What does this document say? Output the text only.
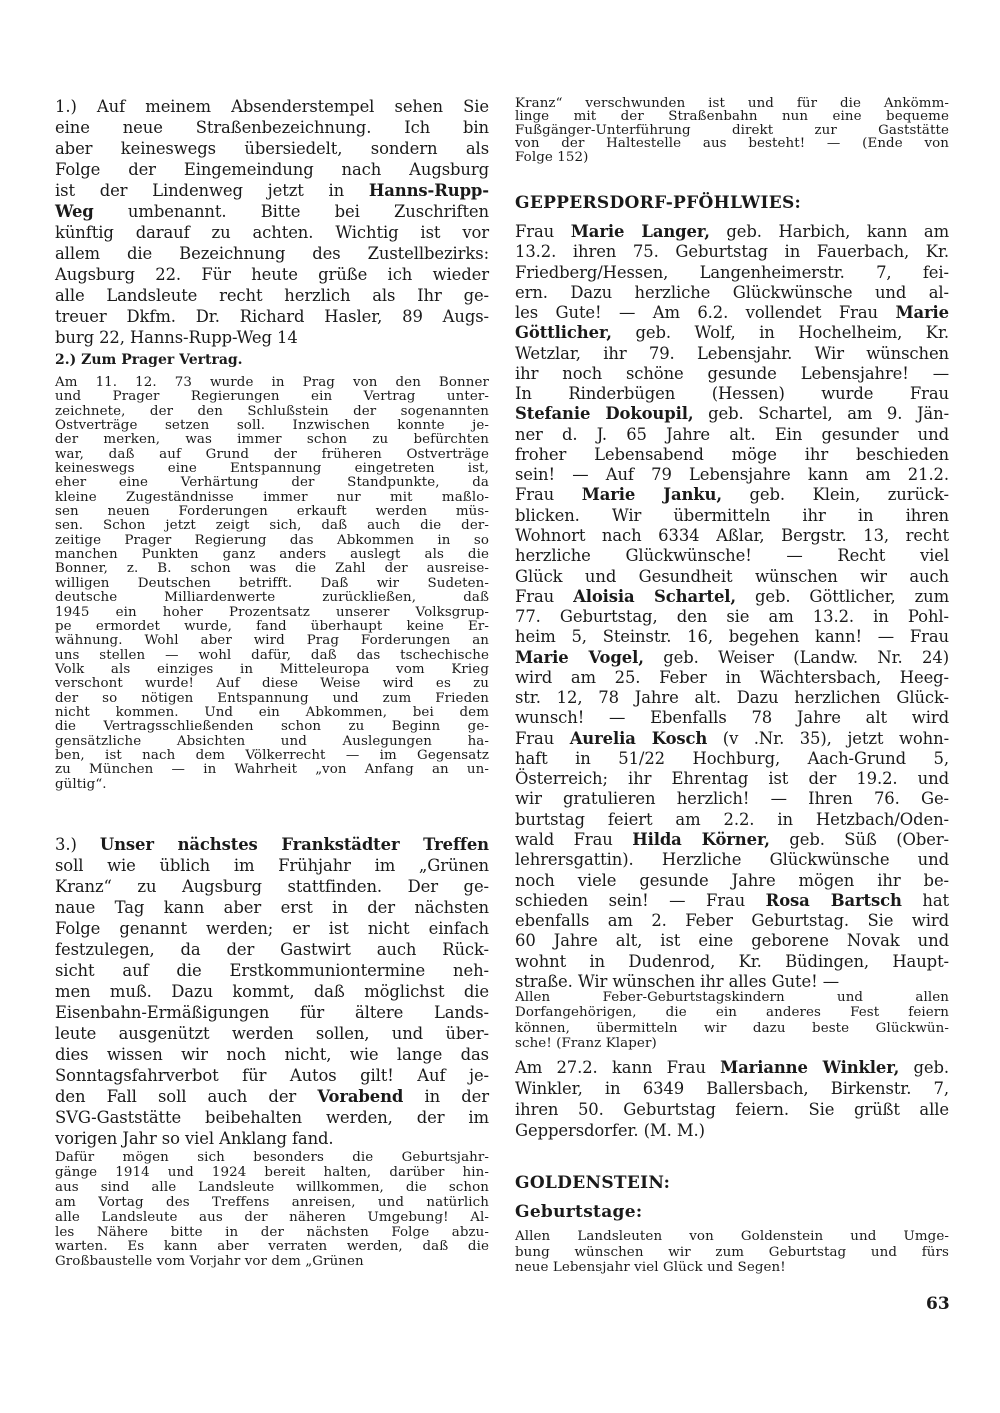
1.) Auf meinem Absenderstempel sehen Sie
eine neue Straßenbezeichnung. Ich bin
aber keineswegs übersiedelt, sondern als
Folge der Eingemeindung nach Augsburg
ist der Lindenweg jetzt in Hanns-Rupp-
Weg umbenannt. Bitte bei Zuschriften
künftig darauf zu achten. Wichtig ist vor
allem die Bezeichnung des Zustellbezirks:
Augsburg 22. Für heute grüße ich wieder
alle Landsleute recht herzlich als Ihr ge-
treuer Dkfm. Dr. Richard Hasler, 89 Augs-
burg 22, Hanns-Rupp-Weg 14
2.) Zum Prager Vertrag.
Am 11. 12. 73 wurde in Prag von den Bonner
und Prager Regierungen ein Vertrag unter-
zeichnete, der den Schlußstein der sogenannten
Ostverträge setzen soll. Inzwischen konnte je-
der merken, was immer schon zu befürchten
war, daß auf Grund der früheren Ostverträge
keineswegs eine Entspannung eingetreten ist,
eher eine Verhärtung der Standpunkte, da
kleine Zugeständnisse immer nur mit maßlo-
sen neuen Forderungen erkauft werden müs-
sen. Schon jetzt zeigt sich, daß auch die der-
zeitige Prager Regierung das Abkommen in so
manchen Punkten ganz anders auslegt als die
Bonner, z. B. schon was die Zahl der ausreise-
willigen Deutschen betrifft. Daß wir Sudeten-
deutsche Milliardenwerte zurückließen, daß
1945 ein hoher Prozentsatz unserer Volksgrup-
pe ermordet wurde, fand überhaupt keine Er-
wähnung. Wohl aber wird Prag Forderungen an
uns stellen — wohl dafür, daß das tschechische
Volk als einziges in Mitteleuropa vom Krieg
verschont wurde! Auf diese Weise wird es zu
der so nötigen Entspannung und zum Frieden
nicht kommen. Und ein Abkommen, bei dem
die Vertragsschließenden schon zu Beginn ge-
gensätzliche Absichten und Auslegungen ha-
ben, ist nach dem Völkerrecht — im Gegensatz
zu München — in Wahrheit „von Anfang an un-
gültig“.
3.) Unser nächstes Frankstädter Treffen
soll wie üblich im Frühjahr im „Grünen
Kranz“ zu Augsburg stattfinden. Der ge-
naue Tag kann aber erst in der nächsten
Folge genannt werden; er ist nicht einfach
festzulegen, da der Gastwirt auch Rück-
sicht auf die Erstkommuniontermine neh-
men muß. Dazu kommt, daß möglichst die
Eisenbahn-Ermäßigungen für ältere Lands-
leute ausgenützt werden sollen, und über-
dies wissen wir noch nicht, wie lange das
Sonntagsfahrverbot für Autos gilt! Auf je-
den Fall soll auch der Vorabend in der
SVG-Gaststätte beibehalten werden, der im
vorigen Jahr so viel Anklang fand.
Dafür mögen sich besonders die Geburtsjahr-
gänge 1914 und 1924 bereit halten, darüber hin-
aus sind alle Landsleute willkommen, die schon
am Vortag des Treffens anreisen, und natürlich
alle Landsleute aus der näheren Umgebung! Al-
les Nähere bitte in der nächsten Folge abzu-
warten. Es kann aber verraten werden, daß die
Großbaustelle vom Vorjahr vor dem „Grünen
Kranz“ verschwunden ist und für die Ankömm-
linge mit der Straßenbahn nun eine bequeme
Fußgänger-Unterführung direkt zur Gaststätte
von der Haltestelle aus besteht! — (Ende von
Folge 152)
GEPPERSDORF-PFÖHLWIES:
Frau Marie Langer, geb. Harbich, kann am
13.2. ihren 75. Geburtstag in Fauerbach, Kr.
Friedberg/Hessen, Langenheimerstr. 7, fei-
ern. Dazu herzliche Glückwünsche und al-
les Gute! — Am 6.2. vollendet Frau Marie
Göttlicher, geb. Wolf, in Hochelheim, Kr.
Wetzlar, ihr 79. Lebensjahr. Wir wünschen
ihr noch schöne gesunde Lebensjahre! —
In Rinderbügen (Hessen) wurde Frau
Stefanie Dokoupil, geb. Schartel, am 9. Jän-
ner d. J. 65 Jahre alt. Ein gesunder und
froher Lebensabend möge ihr beschieden
sein! — Auf 79 Lebensjahre kann am 21.2.
Frau Marie Janku, geb. Klein, zurück-
blicken. Wir übermitteln ihr in ihren
Wohnort nach 6334 Aßlar, Bergstr. 13, recht
herzliche Glückwünsche! — Recht viel
Glück und Gesundheit wünschen wir auch
Frau Aloisia Schartel, geb. Göttlicher, zum
77. Geburtstag, den sie am 13.2. in Pohl-
heim 5, Steinstr. 16, begehen kann! — Frau
Marie Vogel, geb. Weiser (Landw. Nr. 24)
wird am 25. Feber in Wächtersbach, Heeg-
str. 12, 78 Jahre alt. Dazu herzlichen Glück-
wunsch! — Ebenfalls 78 Jahre alt wird
Frau Aurelia Kosch (v .Nr. 35), jetzt wohn-
haft in 51/22 Hochburg, Aach-Grund 5,
Österreich; ihr Ehrentag ist der 19.2. und
wir gratulieren herzlich! — Ihren 76. Ge-
burtstag feiert am 2.2. in Hetzbach/Oden-
wald Frau Hilda Körner, geb. Süß (Ober-
lehrersgattin). Herzliche Glückwünsche und
noch viele gesunde Jahre mögen ihr be-
schieden sein! — Frau Rosa Bartsch hat
ebenfalls am 2. Feber Geburtstag. Sie wird
60 Jahre alt, ist eine geborene Novak und
wohnt in Dudenrod, Kr. Büdingen, Haupt-
straße. Wir wünschen ihr alles Gute! —
Allen Feber-Geburtstagskindern und allen
Dorfangehörigen, die ein anderes Fest feiern
können, übermitteln wir dazu beste Glückwün-
sche! (Franz Klaper)
Am 27.2. kann Frau Marianne Winkler, geb.
Winkler, in 6349 Ballersbach, Birkenstr. 7,
ihren 50. Geburtstag feiern. Sie grüßt alle
Geppersdorfer. (M. M.)
GOLDENSTEIN:
Geburtstage:
Allen Landsleuten von Goldenstein und Umge-
bung wünschen wir zum Geburtstag und fürs
neue Lebensjahr viel Glück und Segen!
63
